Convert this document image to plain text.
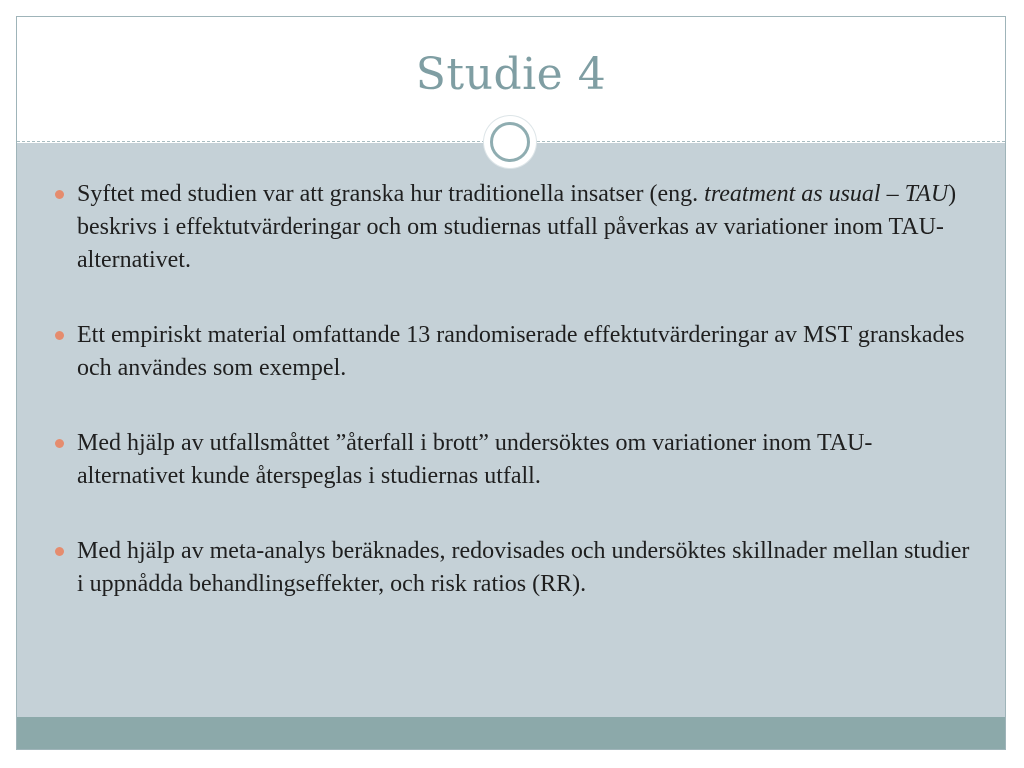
Studie 4
Syftet med studien var att granska hur traditionella insatser (eng. treatment as usual – TAU) beskrivs i effektutvärderingar och om studiernas utfall påverkas av variationer inom TAU-alternativet.
Ett empiriskt material omfattande 13 randomiserade effektutvärderingar av MST granskades och användes som exempel.
Med hjälp av utfallsmåttet ”återfall i brott” undersöktes om variationer inom TAU-alternativet kunde återspeglas i studiernas utfall.
Med hjälp av meta-analys beräknades, redovisades och undersöktes skillnader mellan studier i uppnådda behandlingseffekter, och risk ratios (RR).
